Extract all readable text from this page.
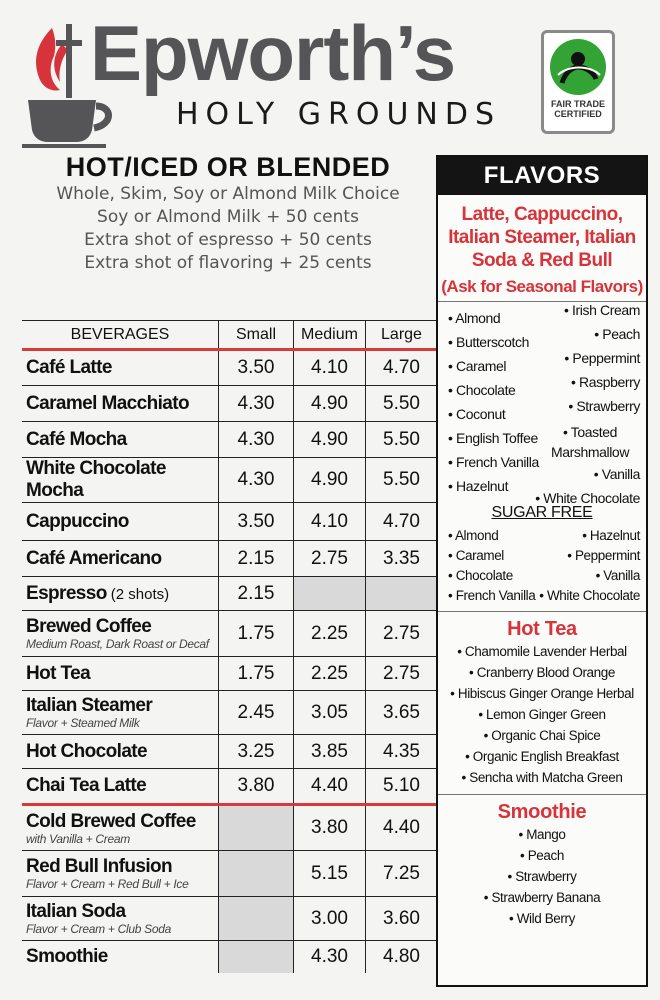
Epworth’s
HOLY GROUNDS	FAIR TRADE
CERTIFIED
HOT/ICED OR BLENDED
Whole, Skim, Soy or Almond Milk Choice
Soy or Almond Milk + 50 cents
Extra shot of espresso + 50 cents
Extra shot of flavoring + 25 cents
BEVERAGES	Small	Medium	Large

Café Latte	3.50	4.10	4.70

Caramel Macchiato	4.30	4.90	5.50

Café Mocha	4.30	4.90	5.50

White Chocolate Mocha	4.30	4.90	5.50

Cappuccino	3.50	4.10	4.70

Café Americano	2.15	2.75	3.35
Espresso (2 shots)	2.15		

Brewed Coffee
Medium Roast, Dark Roast or Decaf	1.75	2.25	2.75

Hot Tea	1.75	2.25	2.75

Italian Steamer
Flavor + Steamed Milk	2.45	3.05	3.65

Hot Chocolate	3.25	3.85	4.35

Chai Tea Latte	3.80	4.40	5.10

Cold Brewed Coffee
with Vanilla + Cream		3.80	4.40

Red Bull Infusion
Flavor + Cream + Red Bull + Ice		5.15	7.25

Italian Soda
Flavor + Cream + Club Soda		3.00	3.60

Smoothie		4.30	4.80
FLAVORS
Latte, Cappuccino,
Italian Steamer, Italian
Soda & Red Bull
(Ask for Seasonal Flavors)
• Almond
• Butterscotch
• Caramel
• Chocolate
• Coconut
• English Toffee
• French Vanilla
• Hazelnut
• Irish Cream
• Peach
• Peppermint
• Raspberry
• Strawberry
• Toasted Marshmallow
• Vanilla
• White Chocolate
SUGAR FREE
• Almond
• Caramel
• Chocolate
• French Vanilla
• Hazelnut
• Peppermint
• Vanilla
• White Chocolate
Hot Tea
• Chamomile Lavender Herbal
• Cranberry Blood Orange
• Hibiscus Ginger Orange Herbal
• Lemon Ginger Green
• Organic Chai Spice
• Organic English Breakfast
• Sencha with Matcha Green
Smoothie
• Mango
• Peach
• Strawberry
• Strawberry Banana
• Wild Berry
